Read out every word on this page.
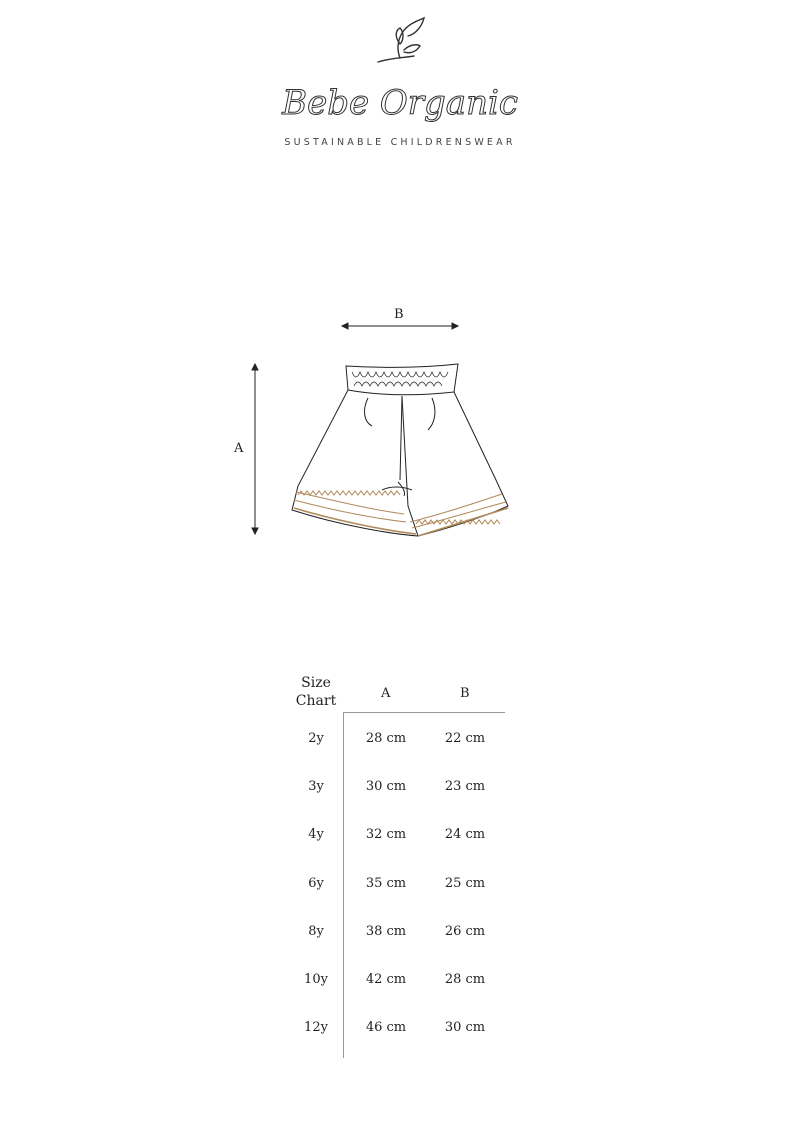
Bebe Organic
SUSTAINABLE CHILDRENSWEAR
B
A
Size
Chart	A	B
2y	28 cm	22 cm
3y	30 cm	23 cm
4y	32 cm	24 cm
6y	35 cm	25 cm
8y	38 cm	26 cm
10y	42 cm	28 cm
12y	46 cm	30 cm
